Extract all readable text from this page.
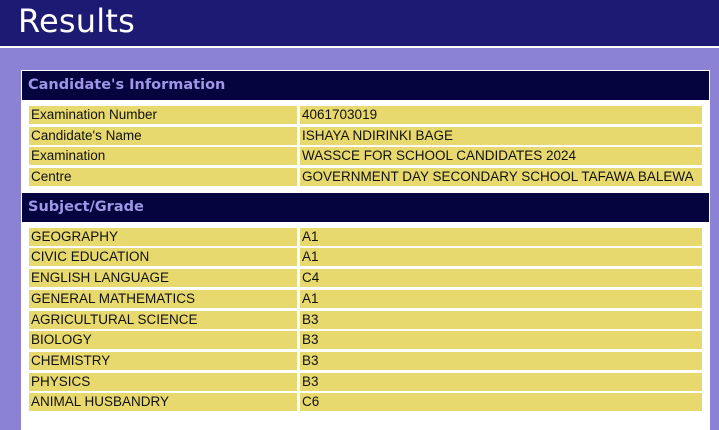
Results
Candidate's Information
Examination Number	4061703019
Candidate's Name	ISHAYA NDIRINKI BAGE
Examination	WASSCE FOR SCHOOL CANDIDATES 2024
Centre	GOVERNMENT DAY SECONDARY SCHOOL TAFAWA BALEWA
Subject/Grade
GEOGRAPHY	A1
CIVIC EDUCATION	A1
ENGLISH LANGUAGE	C4
GENERAL MATHEMATICS	A1
AGRICULTURAL SCIENCE	B3
BIOLOGY	B3
CHEMISTRY	B3
PHYSICS	B3
ANIMAL HUSBANDRY	C6
